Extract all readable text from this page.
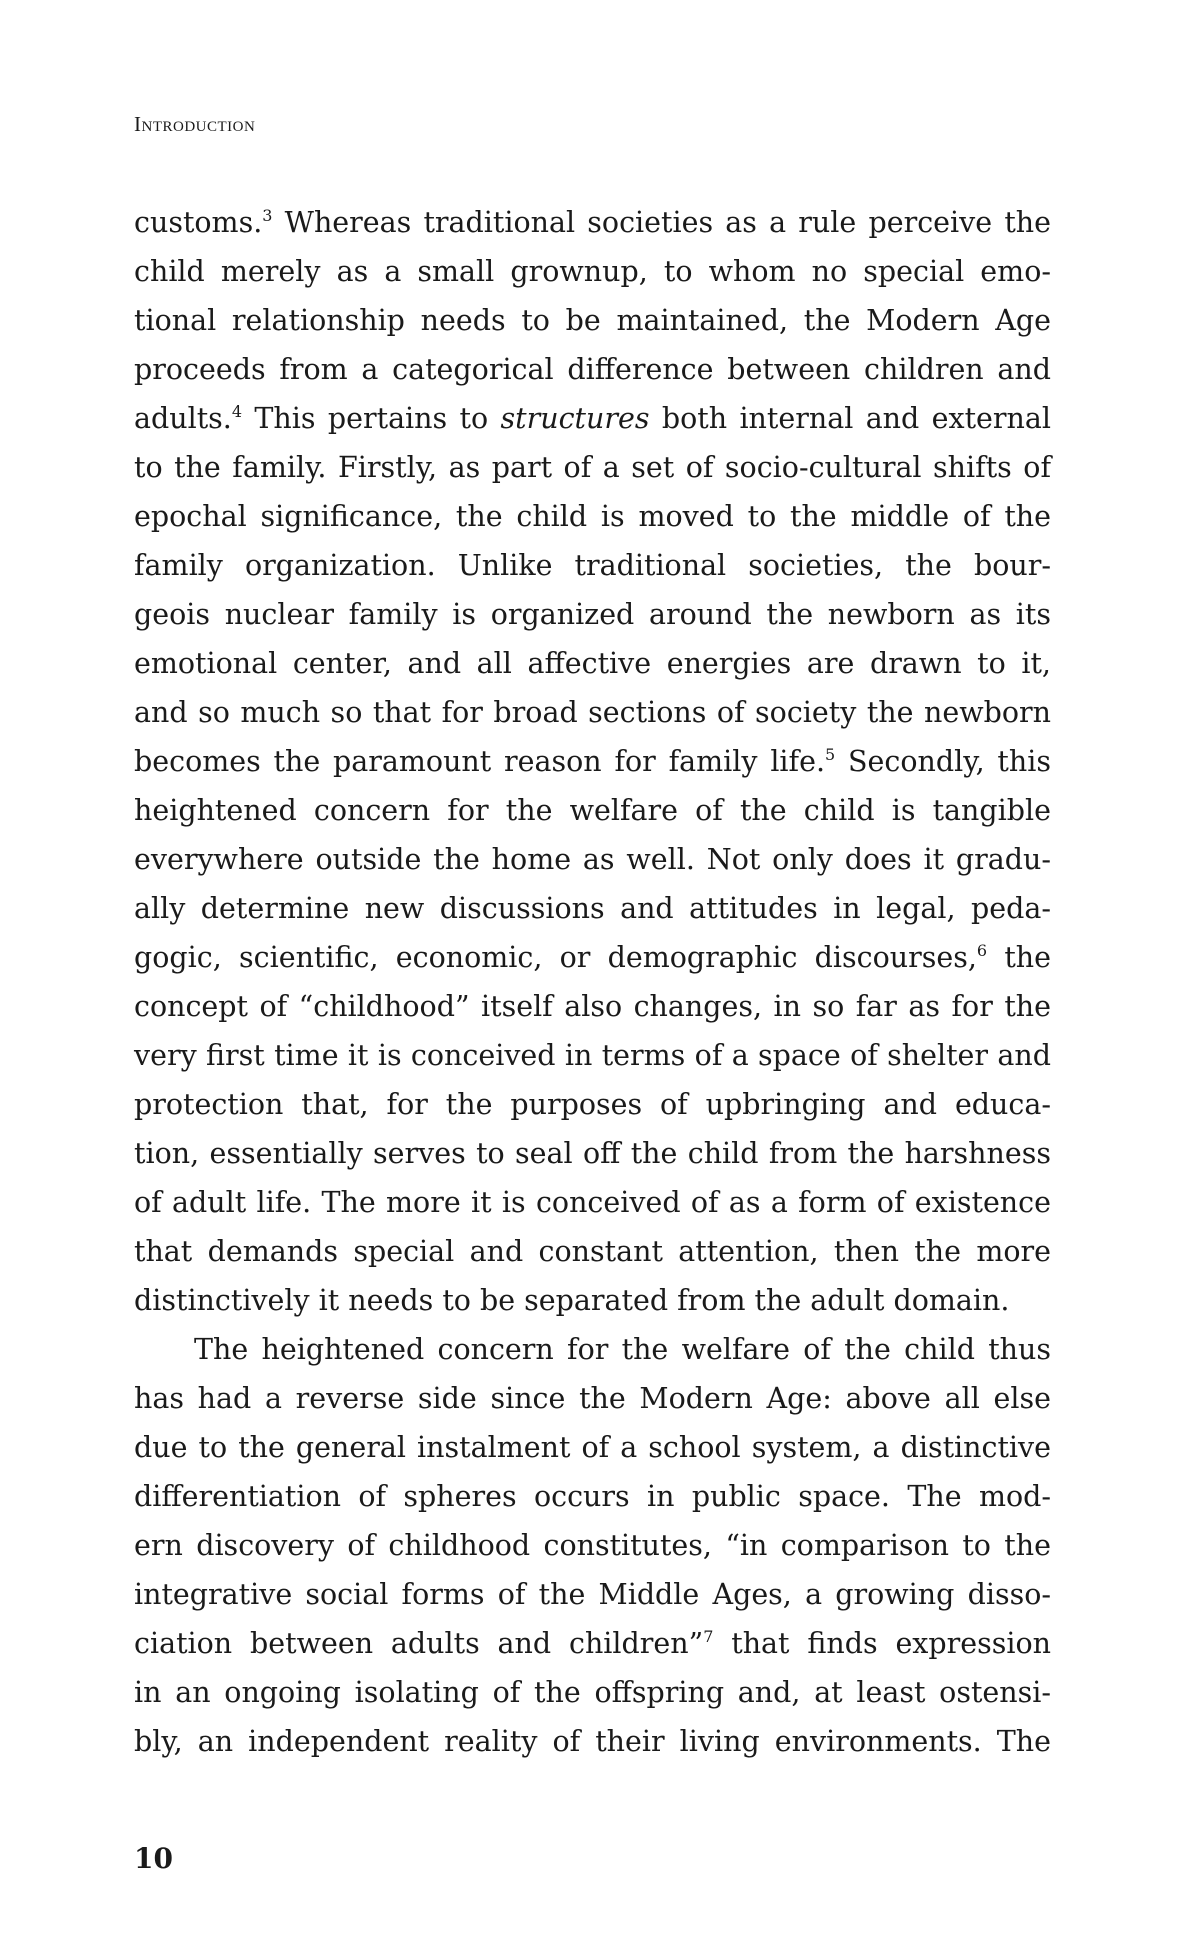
Introduction
customs.$^3$ Whereas traditional societies as a rule perceive the
child merely as a small grownup, to whom no special emo-
tional relationship needs to be maintained, the Modern Age
proceeds from a categorical difference between children and
adults.$^4$ This pertains to structures both internal and external
to the family. Firstly, as part of a set of socio-cultural shifts of
epochal significance, the child is moved to the middle of the
family organization. Unlike traditional societies, the bour-
geois nuclear family is organized around the newborn as its
emotional center, and all affective energies are drawn to it,
and so much so that for broad sections of society the newborn
becomes the paramount reason for family life.$^5$ Secondly, this
heightened concern for the welfare of the child is tangible
everywhere outside the home as well. Not only does it gradu-
ally determine new discussions and attitudes in legal, peda-
gogic, scientific, economic, or demographic discourses,$^6$ the
concept of “childhood” itself also changes, in so far as for the
very first time it is conceived in terms of a space of shelter and
protection that, for the purposes of upbringing and educa-
tion, essentially serves to seal off the child from the harshness
of adult life. The more it is conceived of as a form of existence
that demands special and constant attention, then the more
distinctively it needs to be separated from the adult domain.
The heightened concern for the welfare of the child thus
has had a reverse side since the Modern Age: above all else
due to the general instalment of a school system, a distinctive
differentiation of spheres occurs in public space. The mod-
ern discovery of childhood constitutes, “in comparison to the
integrative social forms of the Middle Ages, a growing disso-
ciation between adults and children”$^7$ that finds expression
in an ongoing isolating of the offspring and, at least ostensi-
bly, an independent reality of their living environments. The
10
